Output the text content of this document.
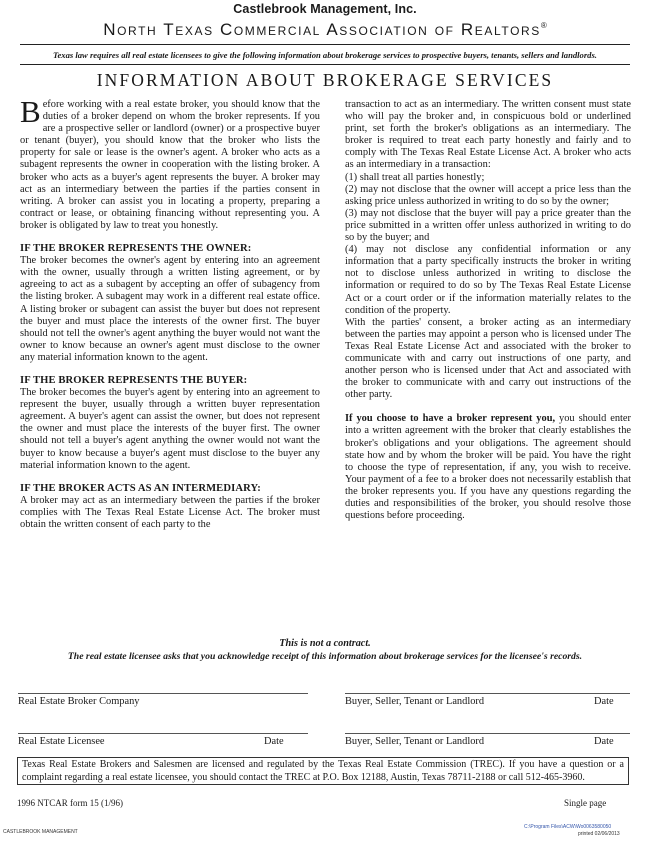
Castlebrook Management, Inc.
North Texas Commercial Association of Realtors®
Texas law requires all real estate licensees to give the following information about brokerage services to prospective buyers, tenants, sellers and landlords.
INFORMATION ABOUT BROKERAGE SERVICES

Before working with a real estate broker, you should know that the duties of a broker depend on whom the broker represents. If you are a prospective seller or landlord (owner) or a prospective buyer or tenant (buyer), you should know that the broker who lists the property for sale or lease is the owner's agent. A broker who acts as a subagent represents the owner in cooperation with the listing broker. A broker who acts as a buyer's agent represents the buyer. A broker may act as an intermediary between the parties if the parties consent in writing. A broker can assist you in locating a property, preparing a contract or lease, or obtaining financing without representing you. A broker is obligated by law to treat you honestly.

IF THE BROKER REPRESENTS THE OWNER:

The broker becomes the owner's agent by entering into an agreement with the owner, usually through a written listing agreement, or by agreeing to act as a subagent by accepting an offer of subagency from the listing broker. A subagent may work in a different real estate office. A listing broker or subagent can assist the buyer but does not represent the buyer and must place the interests of the owner first. The buyer should not tell the owner's agent anything the buyer would not want the owner to know because an owner's agent must disclose to the owner any material information known to the agent.

IF THE BROKER REPRESENTS THE BUYER:

The broker becomes the buyer's agent by entering into an agreement to represent the buyer, usually through a written buyer representation agreement. A buyer's agent can assist the owner, but does not represent the owner and must place the interests of the buyer first. The owner should not tell a buyer's agent anything the owner would not want the buyer to know because a buyer's agent must disclose to the buyer any material information known to the agent.

IF THE BROKER ACTS AS AN INTERMEDIARY:

A broker may act as an intermediary between the parties if the broker complies with The Texas Real Estate License Act. The broker must obtain the written consent of each party to the

transaction to act as an intermediary. The written consent must state who will pay the broker and, in conspicuous bold or underlined print, set forth the broker's obligations as an intermediary. The broker is required to treat each party honestly and fairly and to comply with The Texas Real Estate License Act. A broker who acts as an intermediary in a transaction:

(1) shall treat all parties honestly;

(2) may not disclose that the owner will accept a price less than the asking price unless authorized in writing to do so by the owner;

(3) may not disclose that the buyer will pay a price greater than the price submitted in a written offer unless authorized in writing to do so by the buyer; and

(4) may not disclose any confidential information or any information that a party specifically instructs the broker in writing not to disclose unless authorized in writing to disclose the information or required to do so by The Texas Real Estate License Act or a court order or if the information materially relates to the condition of the property.

With the parties' consent, a broker acting as an intermediary between the parties may appoint a person who is licensed under The Texas Real Estate License Act and associated with the broker to communicate with and carry out instructions of one party, and another person who is licensed under that Act and associated with the broker to communicate with and carry out instructions of the other party.

If you choose to have a broker represent you, you should enter into a written agreement with the broker that clearly establishes the broker's obligations and your obligations. The agreement should state how and by whom the broker will be paid. You have the right to choose the type of representation, if any, you wish to receive. Your payment of a fee to a broker does not necessarily establish that the broker represents you. If you have any questions regarding the duties and responsibilities of the broker, you should resolve those questions before proceeding.

This is not a contract.
The real estate licensee asks that you acknowledge receipt of this information about brokerage services for the licensee's records.
Real Estate Broker Company	Buyer, Seller, Tenant or Landlord	Date
Real Estate Licensee	Date	Buyer, Seller, Tenant or Landlord	Date
Texas Real Estate Brokers and Salesmen are licensed and regulated by the Texas Real Estate Commission (TREC). If you have a question or a complaint regarding a real estate licensee, you should contact the TREC at P.O. Box 12188, Austin, Texas 78711-2188 or call 512-465-3960.
1996 NTCAR form 15 (1/96)	Single page
CASTLEBROOK MANAGEMENT
C:\Program Files\ACW\Wo0063580050
printed 02/06/2013
